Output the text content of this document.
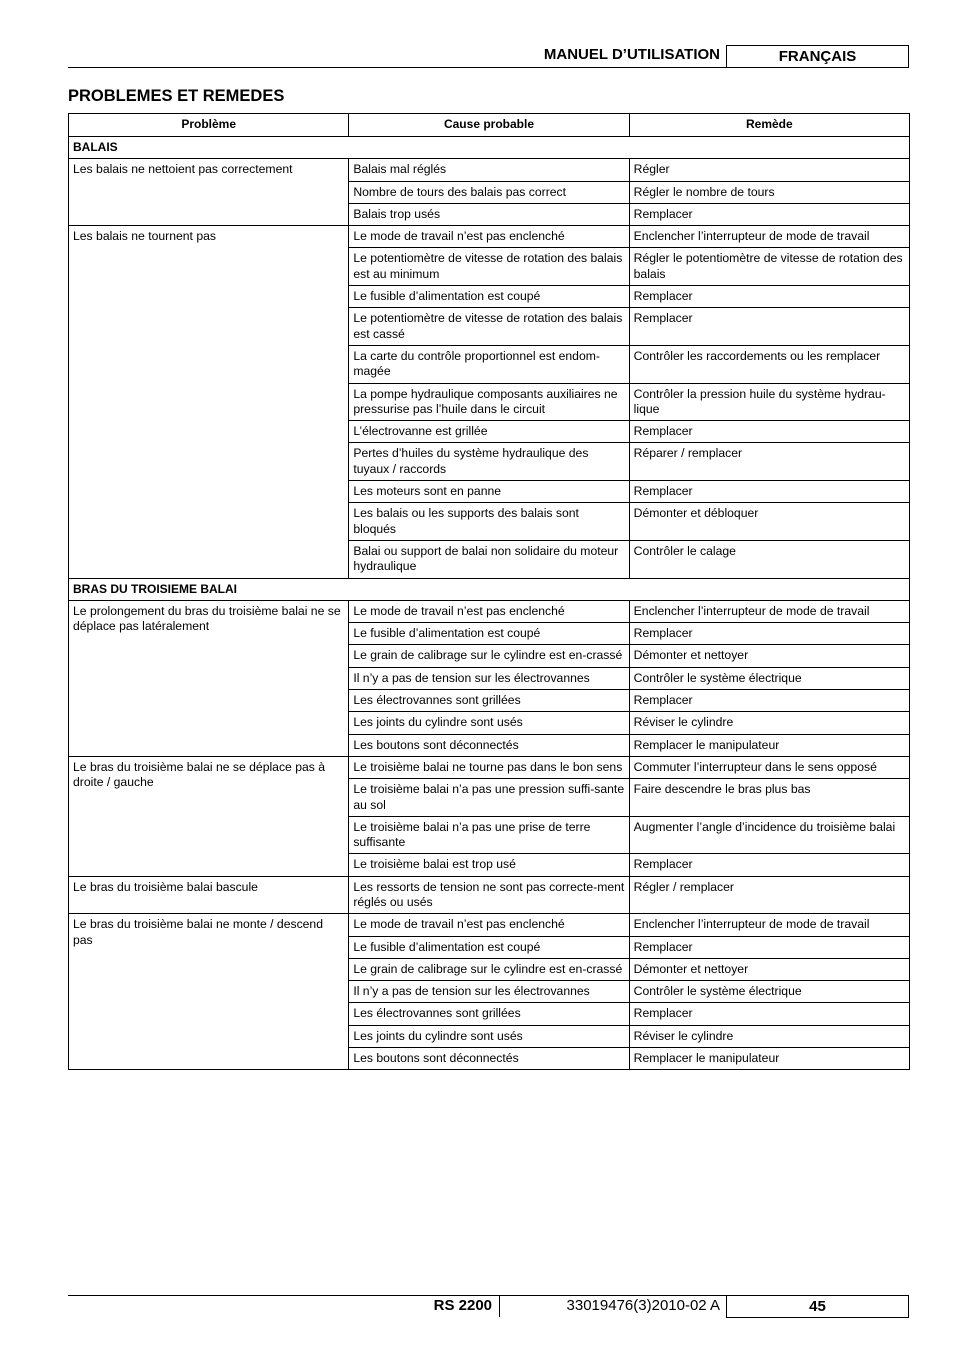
MANUEL D’UTILISATION	FRANÇAIS
PROBLEMES ET REMEDES
Problème	Cause probable	Remède
BALAIS		
Les balais ne nettoient pas correctement	Balais mal réglés	Régler
	Nombre de tours des balais pas correct	Régler le nombre de tours
	Balais trop usés	Remplacer
Les balais ne tournent pas	Le mode de travail n’est pas enclenché	Enclencher l’interrupteur de mode de travail
	Le potentiomètre de vitesse de rotation des balais est au minimum	Régler le potentiomètre de vitesse de rotation des balais
	Le fusible d’alimentation est coupé	Remplacer
	Le potentiomètre de vitesse de rotation des balais est cassé	Remplacer
	La carte du contrôle proportionnel est endom-magée	Contrôler les raccordements ou les remplacer
	La pompe hydraulique composants auxiliaires ne pressurise pas l’huile dans le circuit	Contrôler la pression huile du système hydrau-lique
	L’électrovanne est grillée	Remplacer
	Pertes d’huiles du système hydraulique des tuyaux / raccords	Réparer / remplacer
	Les moteurs sont en panne	Remplacer
	Les balais ou les supports des balais sont bloqués	Démonter et débloquer
	Balai ou support de balai non solidaire du moteur hydraulique	Contrôler le calage
BRAS DU TROISIEME BALAI		
Le prolongement du bras du troisième balai ne se déplace pas latéralement	Le mode de travail n’est pas enclenché	Enclencher l’interrupteur de mode de travail
	Le fusible d’alimentation est coupé	Remplacer
	Le grain de calibrage sur le cylindre est en-crassé	Démonter et nettoyer
	Il n’y a pas de tension sur les électrovannes	Contrôler le système électrique
	Les électrovannes sont grillées	Remplacer
	Les joints du cylindre sont usés	Réviser le cylindre
	Les boutons sont déconnectés	Remplacer le manipulateur
Le bras du troisième balai ne se déplace pas à droite / gauche	Le troisième balai ne tourne pas dans le bon sens	Commuter l’interrupteur dans le sens opposé
	Le troisième balai n’a pas une pression suffi-sante au sol	Faire descendre le bras plus bas
	Le troisième balai n’a pas une prise de terre suffisante	Augmenter l’angle d’incidence du troisième balai
	Le troisième balai est trop usé	Remplacer
Le bras du troisième balai bascule	Les ressorts de tension ne sont pas correcte-ment réglés ou usés	Régler / remplacer
Le bras du troisième balai ne monte / descend pas	Le mode de travail n’est pas enclenché	Enclencher l’interrupteur de mode de travail
	Le fusible d’alimentation est coupé	Remplacer
	Le grain de calibrage sur le cylindre est en-crassé	Démonter et nettoyer
	Il n’y a pas de tension sur les électrovannes	Contrôler le système électrique
	Les électrovannes sont grillées	Remplacer
	Les joints du cylindre sont usés	Réviser le cylindre
	Les boutons sont déconnectés	Remplacer le manipulateur
RS 2200	33019476(3)2010-02 A	45
